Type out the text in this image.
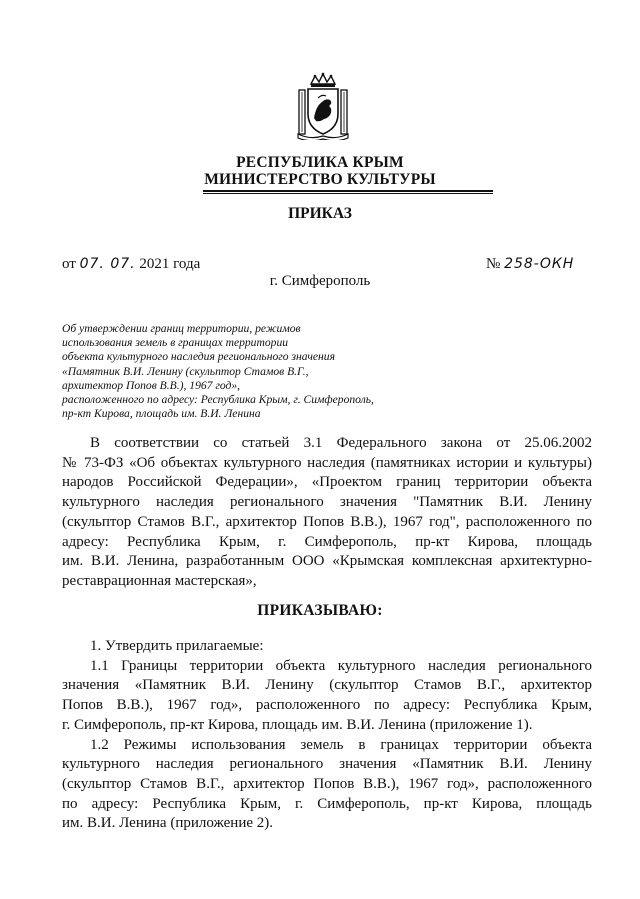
РЕСПУБЛИКА КРЫМ
МИНИСТЕРСТВО КУЛЬТУРЫ
ПРИКАЗ
от 07. 07. 2021 года	№ 258-ОКН
г. Симферополь
Об утверждении границ территории, режимов
использования земель в границах территории
объекта культурного наследия регионального значения
«Памятник В.И. Ленину (скульптор Стамов В.Г.,
архитектор Попов В.В.), 1967 год»,
расположенного по адресу: Республика Крым, г. Симферополь,
пр-кт Кирова, площадь им. В.И. Ленина
В соответствии со статьей 3.1 Федерального закона от 25.06.2002
№ 73-ФЗ «Об объектах культурного наследия (памятниках истории и культуры)
народов Российской Федерации», «Проектом границ территории объекта
культурного наследия регионального значения "Памятник В.И. Ленину
(скульптор Стамов В.Г., архитектор Попов В.В.), 1967 год", расположенного по
адресу: Республика Крым, г. Симферополь, пр-кт Кирова, площадь
им. В.И. Ленина, разработанным ООО «Крымская комплексная архитектурно-
реставрационная мастерская»,
ПРИКАЗЫВАЮ:
1. Утвердить прилагаемые:
1.1 Границы территории объекта культурного наследия регионального
значения «Памятник В.И. Ленину (скульптор Стамов В.Г., архитектор
Попов В.В.), 1967 год», расположенного по адресу: Республика Крым,
г. Симферополь, пр-кт Кирова, площадь им. В.И. Ленина (приложение 1).
1.2 Режимы использования земель в границах территории объекта
культурного наследия регионального значения «Памятник В.И. Ленину
(скульптор Стамов В.Г., архитектор Попов В.В.), 1967 год», расположенного
по адресу: Республика Крым, г. Симферополь, пр-кт Кирова, площадь
им. В.И. Ленина (приложение 2).
